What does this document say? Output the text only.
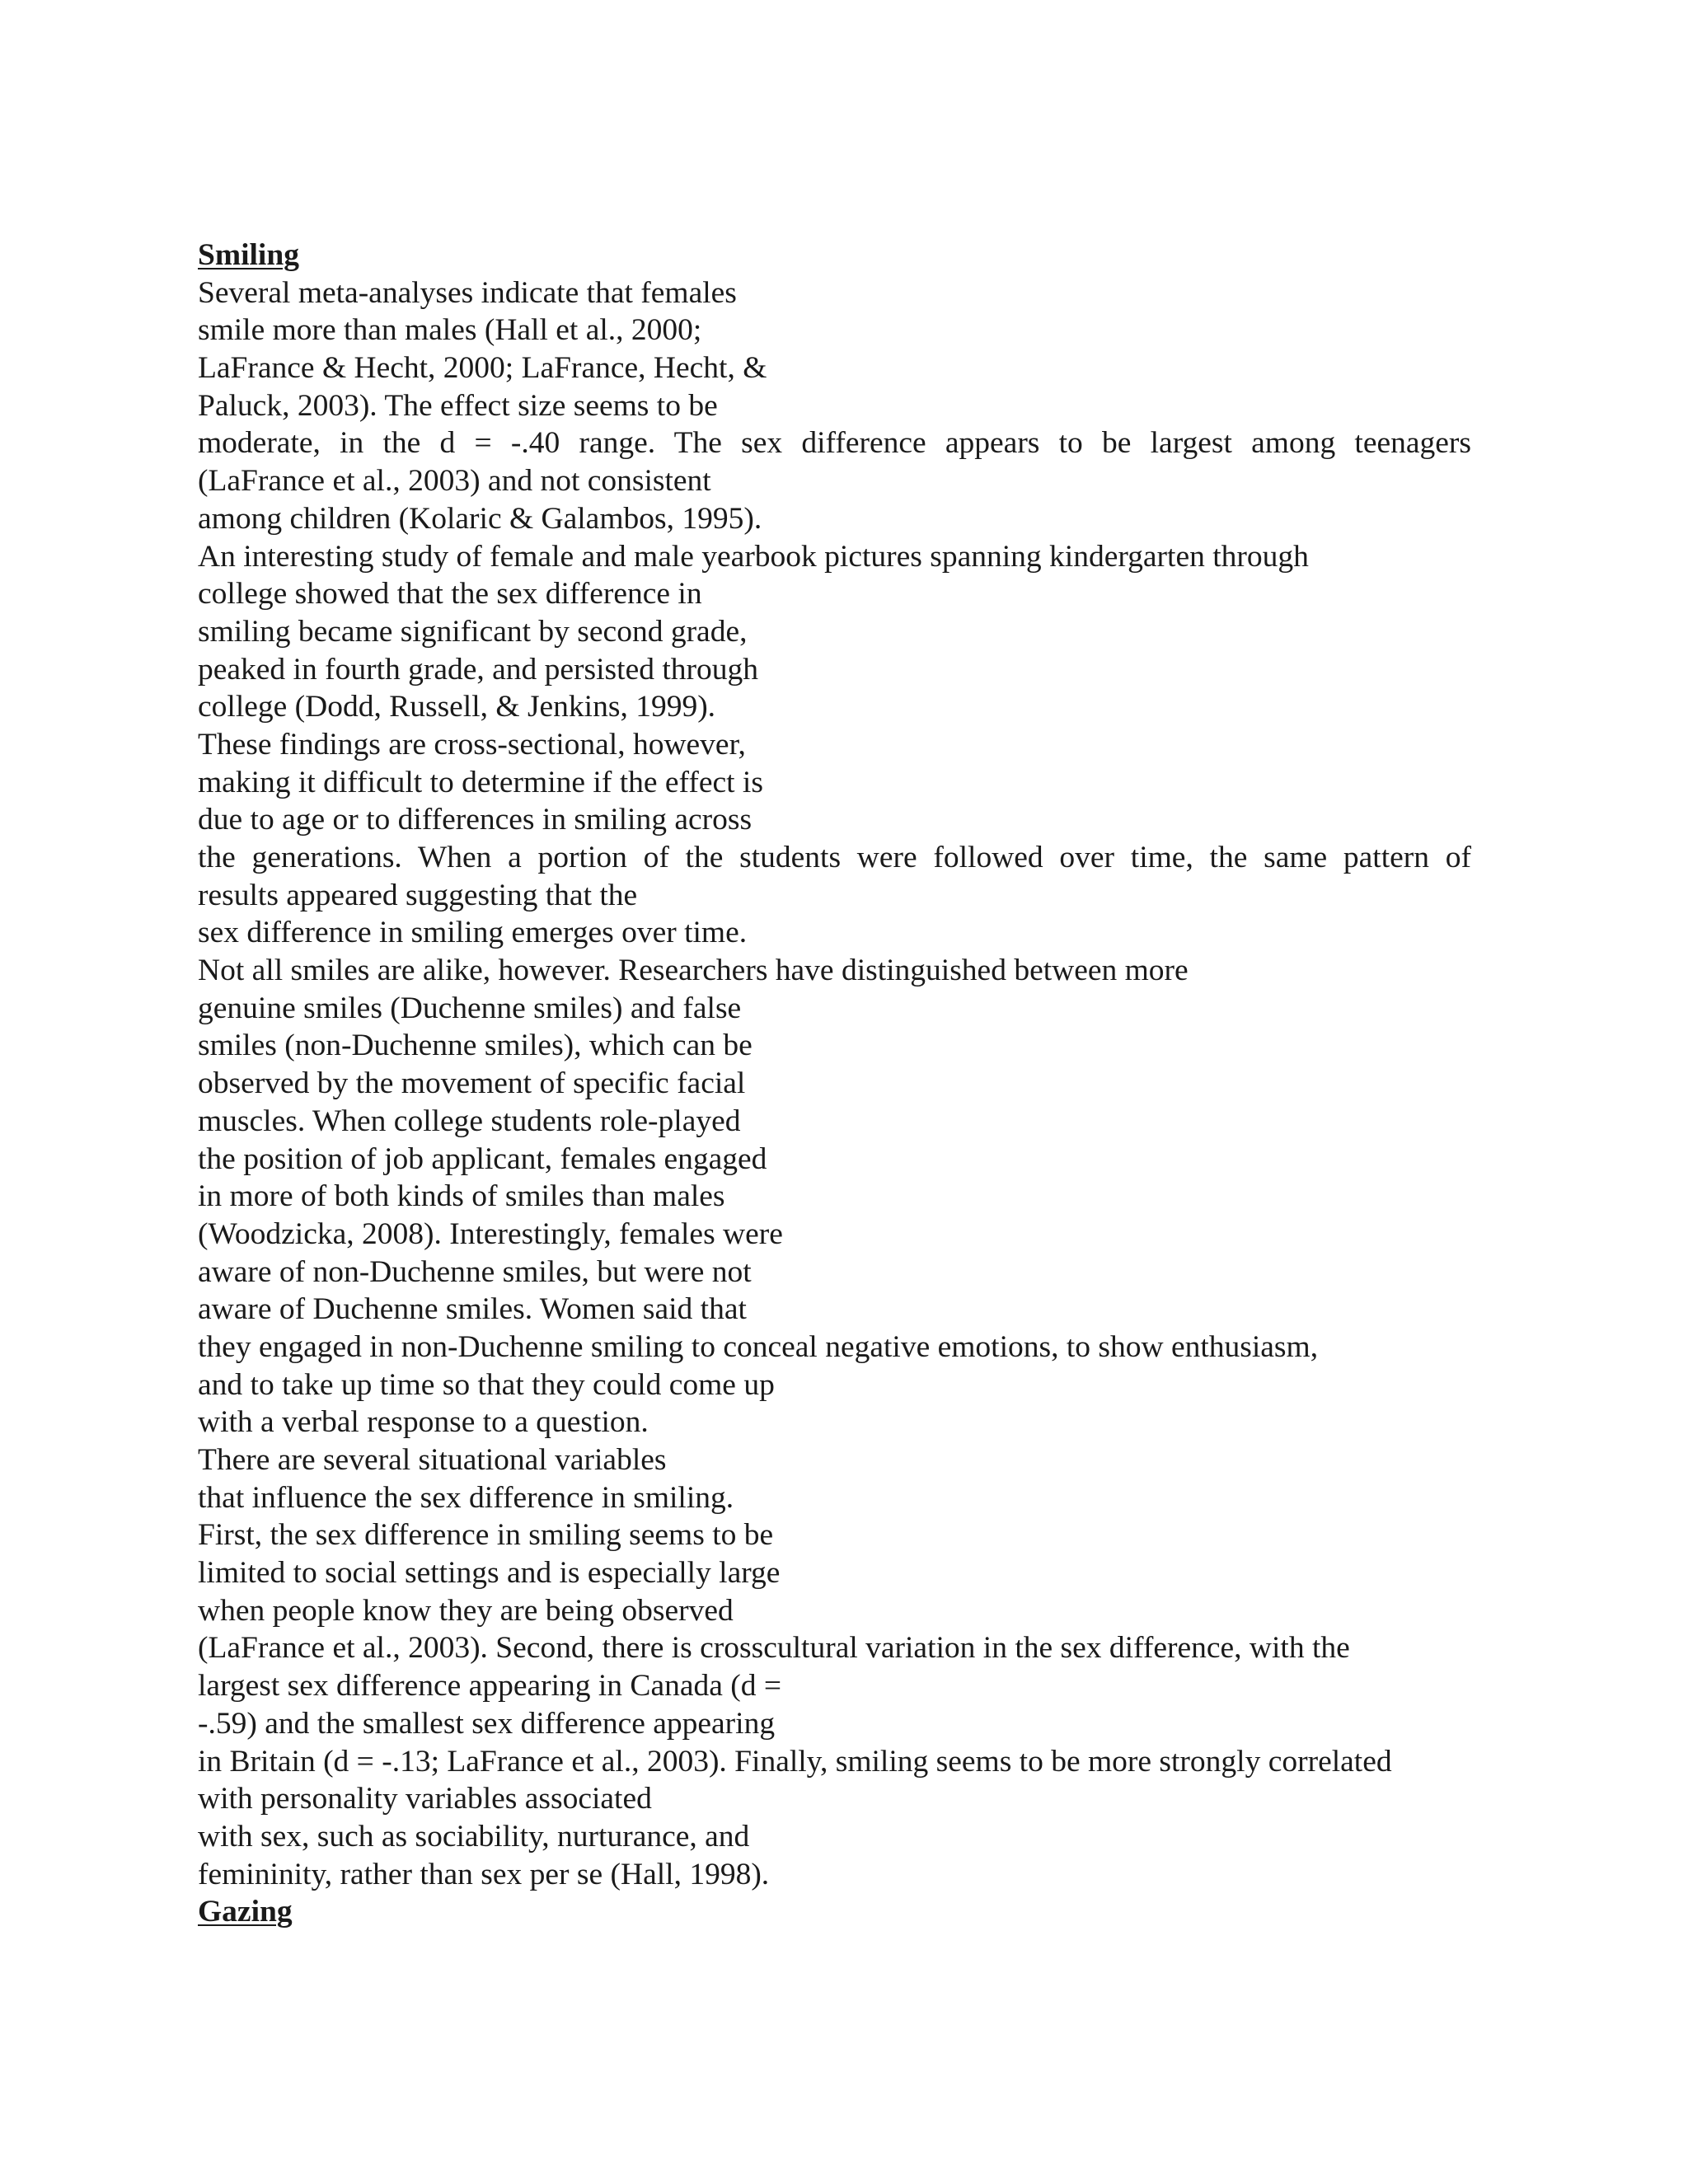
Smiling
Several meta-analyses indicate that females
smile more than males (Hall et al., 2000;
LaFrance & Hecht, 2000; LaFrance, Hecht, &
Paluck, 2003). The effect size seems to be
moderate, in the d = -.40 range. The sex difference appears to be largest among teenagers
(LaFrance et al., 2003) and not consistent
among children (Kolaric & Galambos, 1995).
An interesting study of female and male yearbook pictures spanning kindergarten through
college showed that the sex difference in
smiling became significant by second grade,
peaked in fourth grade, and persisted through
college (Dodd, Russell, & Jenkins, 1999).
These findings are cross-sectional, however,
making it difficult to determine if the effect is
due to age or to differences in smiling across
the generations. When a portion of the students were followed over time, the same pattern of
results appeared suggesting that the
sex difference in smiling emerges over time.
Not all smiles are alike, however. Researchers have distinguished between more
genuine smiles (Duchenne smiles) and false
smiles (non-Duchenne smiles), which can be
observed by the movement of specific facial
muscles. When college students role-played
the position of job applicant, females engaged
in more of both kinds of smiles than males
(Woodzicka, 2008). Interestingly, females were
aware of non-Duchenne smiles, but were not
aware of Duchenne smiles. Women said that
they engaged in non-Duchenne smiling to conceal negative emotions, to show enthusiasm,
and to take up time so that they could come up
with a verbal response to a question.
There are several situational variables
that influence the sex difference in smiling.
First, the sex difference in smiling seems to be
limited to social settings and is especially large
when people know they are being observed
(LaFrance et al., 2003). Second, there is crosscultural variation in the sex difference, with the
largest sex difference appearing in Canada (d =
-.59) and the smallest sex difference appearing
in Britain (d = -.13; LaFrance et al., 2003). Finally, smiling seems to be more strongly correlated
with personality variables associated
with sex, such as sociability, nurturance, and
femininity, rather than sex per se (Hall, 1998).
Gazing
